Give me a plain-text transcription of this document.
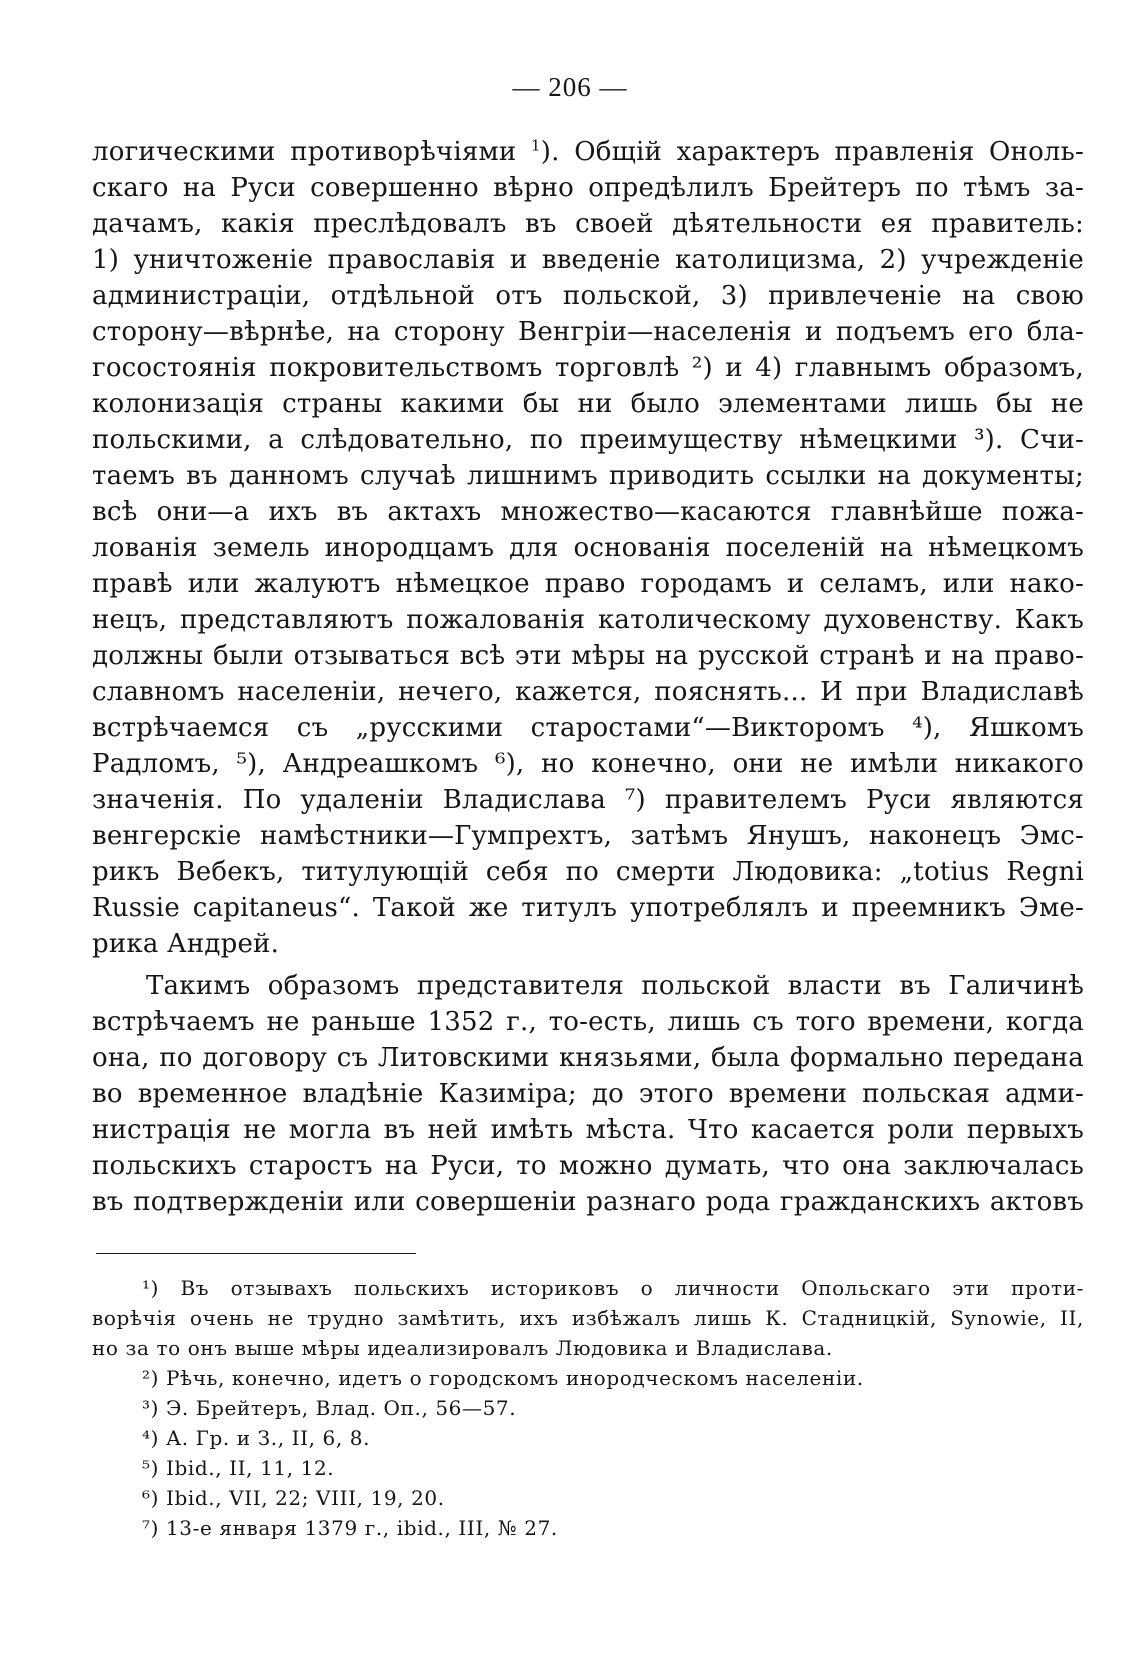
— 206 —

логическими противорѣчіями $^1$). Общій характеръ правленія Оноль-
скаго на Руси совершенно вѣрно опредѣлилъ Брейтеръ по тѣмъ за-
дачамъ, какія преслѣдовалъ въ своей дѣятельности ея правитель:
1) уничтоженіе православія и введеніе католицизма, 2) учрежденіе
администраціи, отдѣльной отъ польской, 3) привлеченіе на свою
сторону—вѣрнѣе, на сторону Венгріи—населенія и подъемъ его бла-
госостоянія покровительствомъ торговлѣ ²) и 4) главнымъ образомъ,
колонизація страны какими бы ни было элементами лишь бы не
польскими, а слѣдовательно, по преимуществу нѣмецкими ³). Счи-
таемъ въ данномъ случаѣ лишнимъ приводить ссылки на документы;
всѣ они—а ихъ въ актахъ множество—касаются главнѣйше пожа-
лованія земель инородцамъ для основанія поселеній на нѣмецкомъ
правѣ или жалуютъ нѣмецкое право городамъ и селамъ, или нако-
нецъ, представляютъ пожалованія католическому духовенству. Какъ
должны были отзываться всѣ эти мѣры на русской странѣ и на право-
славномъ населеніи, нечего, кажется, пояснять... И при Владиславѣ
встрѣчаемся съ „русскими старостами“—Викторомъ ⁴), Яшкомъ
Радломъ, ⁵), Андреашкомъ ⁶), но конечно, они не имѣли никакого
значенія. По удаленіи Владислава ⁷) правителемъ Руси являются
венгерскіе намѣстники—Гумпрехтъ, затѣмъ Янушъ, наконецъ Эмс-
рикъ Вебекъ, титулующій себя по смерти Людовика: „totius Regni
Russie capitaneus“. Такой же титулъ употреблялъ и преемникъ Эме-
рика Андрей.
Такимъ образомъ представителя польской власти въ Галичинѣ
встрѣчаемъ не раньше 1352 г., то-есть, лишь съ того времени, когда
она, по договору съ Литовскими князьями, была формально передана
во временное владѣніе Казиміра; до этого времени польская адми-
нистрація не могла въ ней имѣть мѣста. Что касается роли первыхъ
польскихъ старостъ на Руси, то можно думать, что она заключалась
въ подтвержденіи или совершеніи разнаго рода гражданскихъ актовъ
¹) Въ отзывахъ польскихъ историковъ о личности Опольскаго эти проти-
ворѣчія очень не трудно замѣтить, ихъ избѣжалъ лишь К. Стадницкій, Synowie, II,
но за то онъ выше мѣры идеализировалъ Людовика и Владислава.
²) Рѣчь, конечно, идетъ о городскомъ инородческомъ населеніи.
³) Э. Брейтеръ, Влад. Оп., 56—57.
⁴) А. Гр. и З., II, 6, 8.
⁵) Ibid., II, 11, 12.
⁶) Ibid., VII, 22; VIII, 19, 20.
⁷) 13-е января 1379 г., ibid., III, № 27.
